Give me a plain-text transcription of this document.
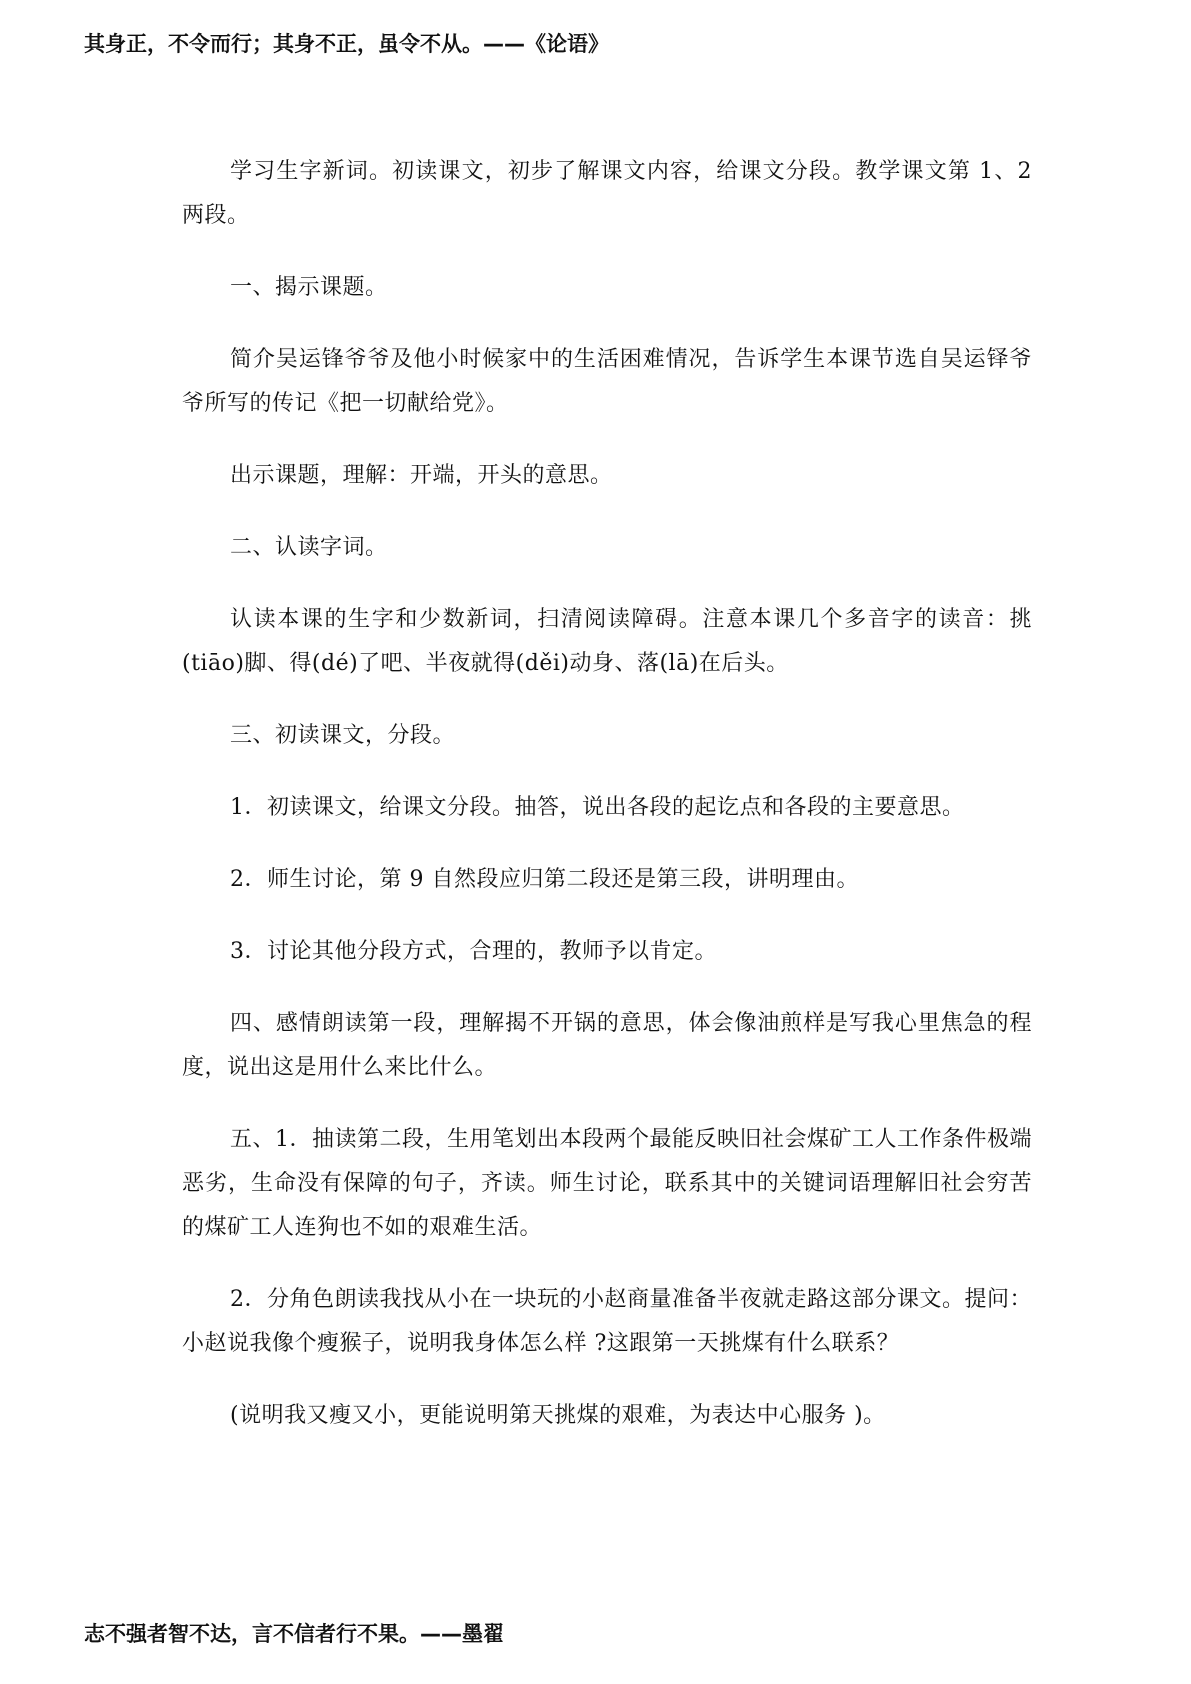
其身正，不令而行；其身不正，虽令不从。——《论语》

学习生字新词。初读课文，初步了解课文内容，给课文分段。教学课文第 1、2 两段。

一、揭示课题。

简介吴运锋爷爷及他小时候家中的生活困难情况，告诉学生本课节选自吴运铎爷爷所写的传记《把一切献给党》。

出示课题，理解：开端，开头的意思。

二、认读字词。

认读本课的生字和少数新词，扫清阅读障碍。注意本课几个多音字的读音：挑(tiāo)脚、得(dé)了吧、半夜就得(děi)动身、落(lā)在后头。

三、初读课文，分段。

1．初读课文，给课文分段。抽答，说出各段的起讫点和各段的主要意思。

2．师生讨论，第 9 自然段应归第二段还是第三段，讲明理由。

3．讨论其他分段方式，合理的，教师予以肯定。

四、感情朗读第一段，理解揭不开锅的意思，体会像油煎样是写我心里焦急的程度，说出这是用什么来比什么。

五、1．抽读第二段，生用笔划出本段两个最能反映旧社会煤矿工人工作条件极端恶劣，生命没有保障的句子，齐读。师生讨论，联系其中的关键词语理解旧社会穷苦的煤矿工人连狗也不如的艰难生活。

2．分角色朗读我找从小在一块玩的小赵商量准备半夜就走路这部分课文。提问：小赵说我像个瘦猴子，说明我身体怎么样 ?这跟第一天挑煤有什么联系？

(说明我又瘦又小，更能说明第天挑煤的艰难，为表达中心服务 )。

志不强者智不达，言不信者行不果。——墨翟
